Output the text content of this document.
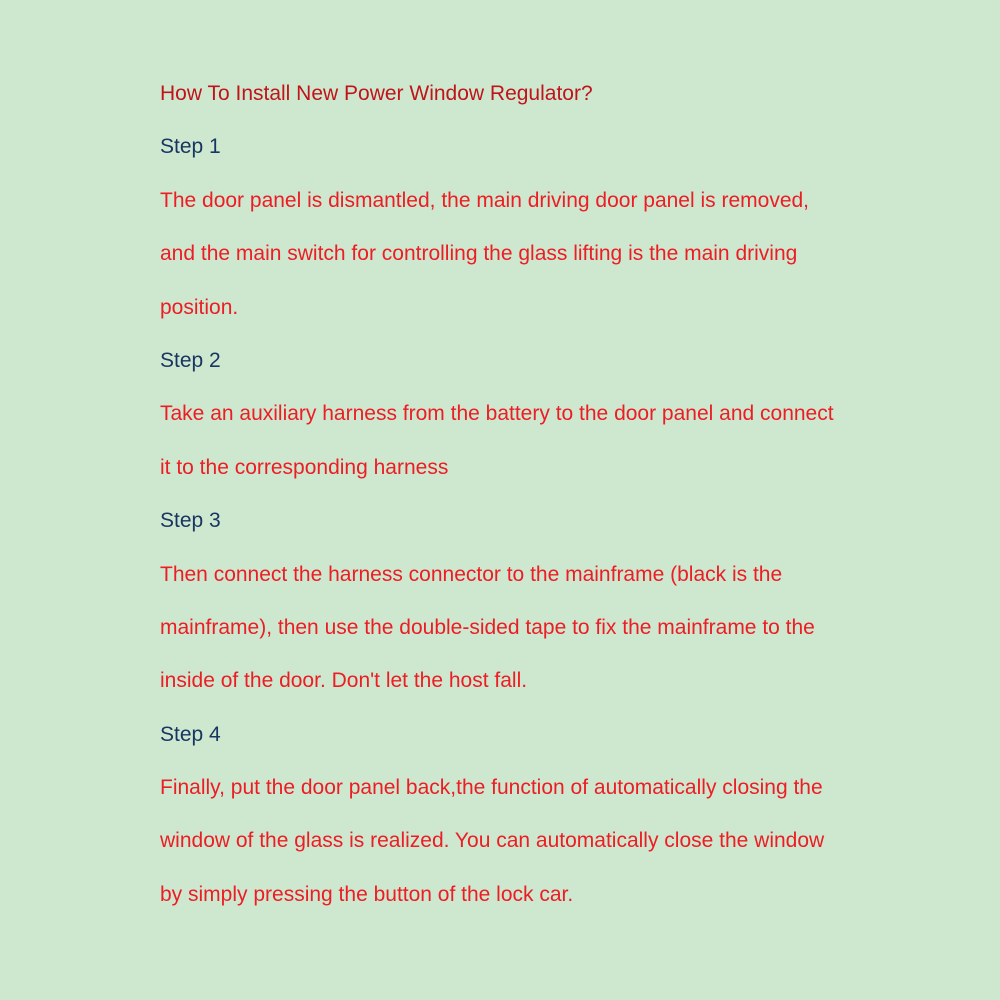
How To Install New Power Window Regulator?
Step 1
The door panel is dismantled, the main driving door panel is removed,
and the main switch for controlling the glass lifting is the main driving
position.
Step 2
Take an auxiliary harness from the battery to the door panel and connect
it to the corresponding harness
Step 3
Then connect the harness connector to the mainframe (black is the
mainframe), then use the double-sided tape to fix the mainframe to the
inside of the door. Don't let the host fall.
Step 4
Finally, put the door panel back,the function of automatically closing the
window of the glass is realized. You can automatically close the window
by simply pressing the button of the lock car.
